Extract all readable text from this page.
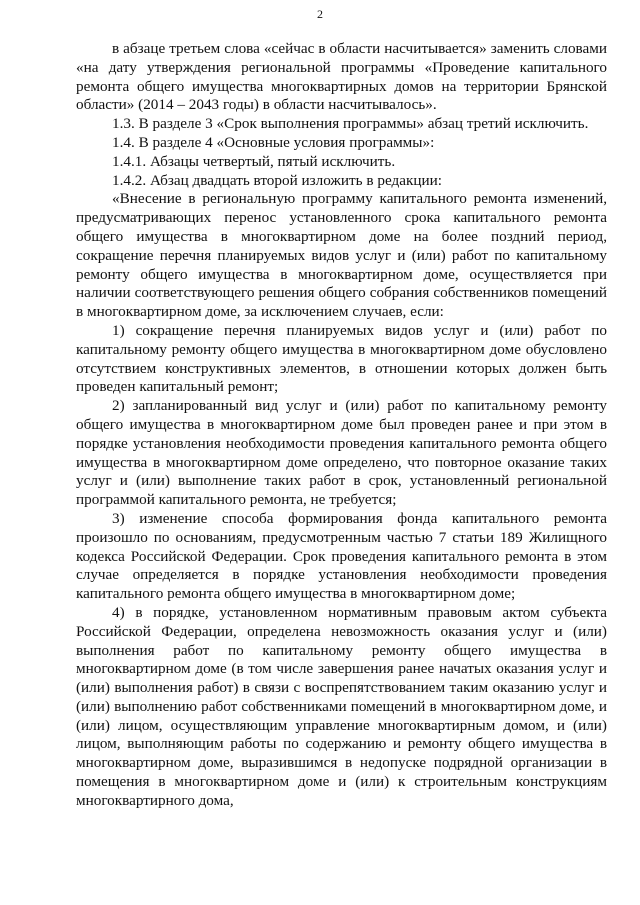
2

в абзаце третьем слова «сейчас в области насчитывается» заменить словами «на дату утверждения региональной программы «Проведение капитального ремонта общего имущества многоквартирных домов на территории Брянской области» (2014 – 2043 годы) в области насчитывалось».

1.3. В разделе 3 «Срок выполнения программы» абзац третий исключить.

1.4. В разделе 4 «Основные условия программы»:

1.4.1. Абзацы четвертый, пятый исключить.

1.4.2. Абзац двадцать второй изложить в редакции:

«Внесение в региональную программу капитального ремонта изменений, предусматривающих перенос установленного срока капитального ремонта общего имущества в многоквартирном доме на более поздний период, сокращение перечня планируемых видов услуг и (или) работ по капитальному ремонту общего имущества в многоквартирном доме, осуществляется при наличии соответствующего решения общего собрания собственников помещений в многоквартирном доме, за исключением случаев, если:

1) сокращение перечня планируемых видов услуг и (или) работ по капитальному ремонту общего имущества в многоквартирном доме обусловлено отсутствием конструктивных элементов, в отношении которых должен быть проведен капитальный ремонт;

2) запланированный вид услуг и (или) работ по капитальному ремонту общего имущества в многоквартирном доме был проведен ранее и при этом в порядке установления необходимости проведения капитального ремонта общего имущества в многоквартирном доме определено, что повторное оказание таких услуг и (или) выполнение таких работ в срок, установленный региональной программой капитального ремонта, не требуется;

3) изменение способа формирования фонда капитального ремонта произошло по основаниям, предусмотренным частью 7 статьи 189 Жилищного кодекса Российской Федерации. Срок проведения капитального ремонта в этом случае определяется в порядке установления необходимости проведения капитального ремонта общего имущества в многоквартирном доме;

4) в порядке, установленном нормативным правовым актом субъекта Российской Федерации, определена невозможность оказания услуг и (или) выполнения работ по капитальному ремонту общего имущества в многоквартирном доме (в том числе завершения ранее начатых оказания услуг и (или) выполнения работ) в связи с воспрепятствованием таким оказанию услуг и (или) выполнению работ собственниками помещений в многоквартирном доме, и (или) лицом, осуществляющим управление многоквартирным домом, и (или) лицом, выполняющим работы по содержанию и ремонту общего имущества в многоквартирном доме, выразившимся в недопуске подрядной организации в помещения в многоквартирном доме и (или) к строительным конструкциям многоквартирного дома,
